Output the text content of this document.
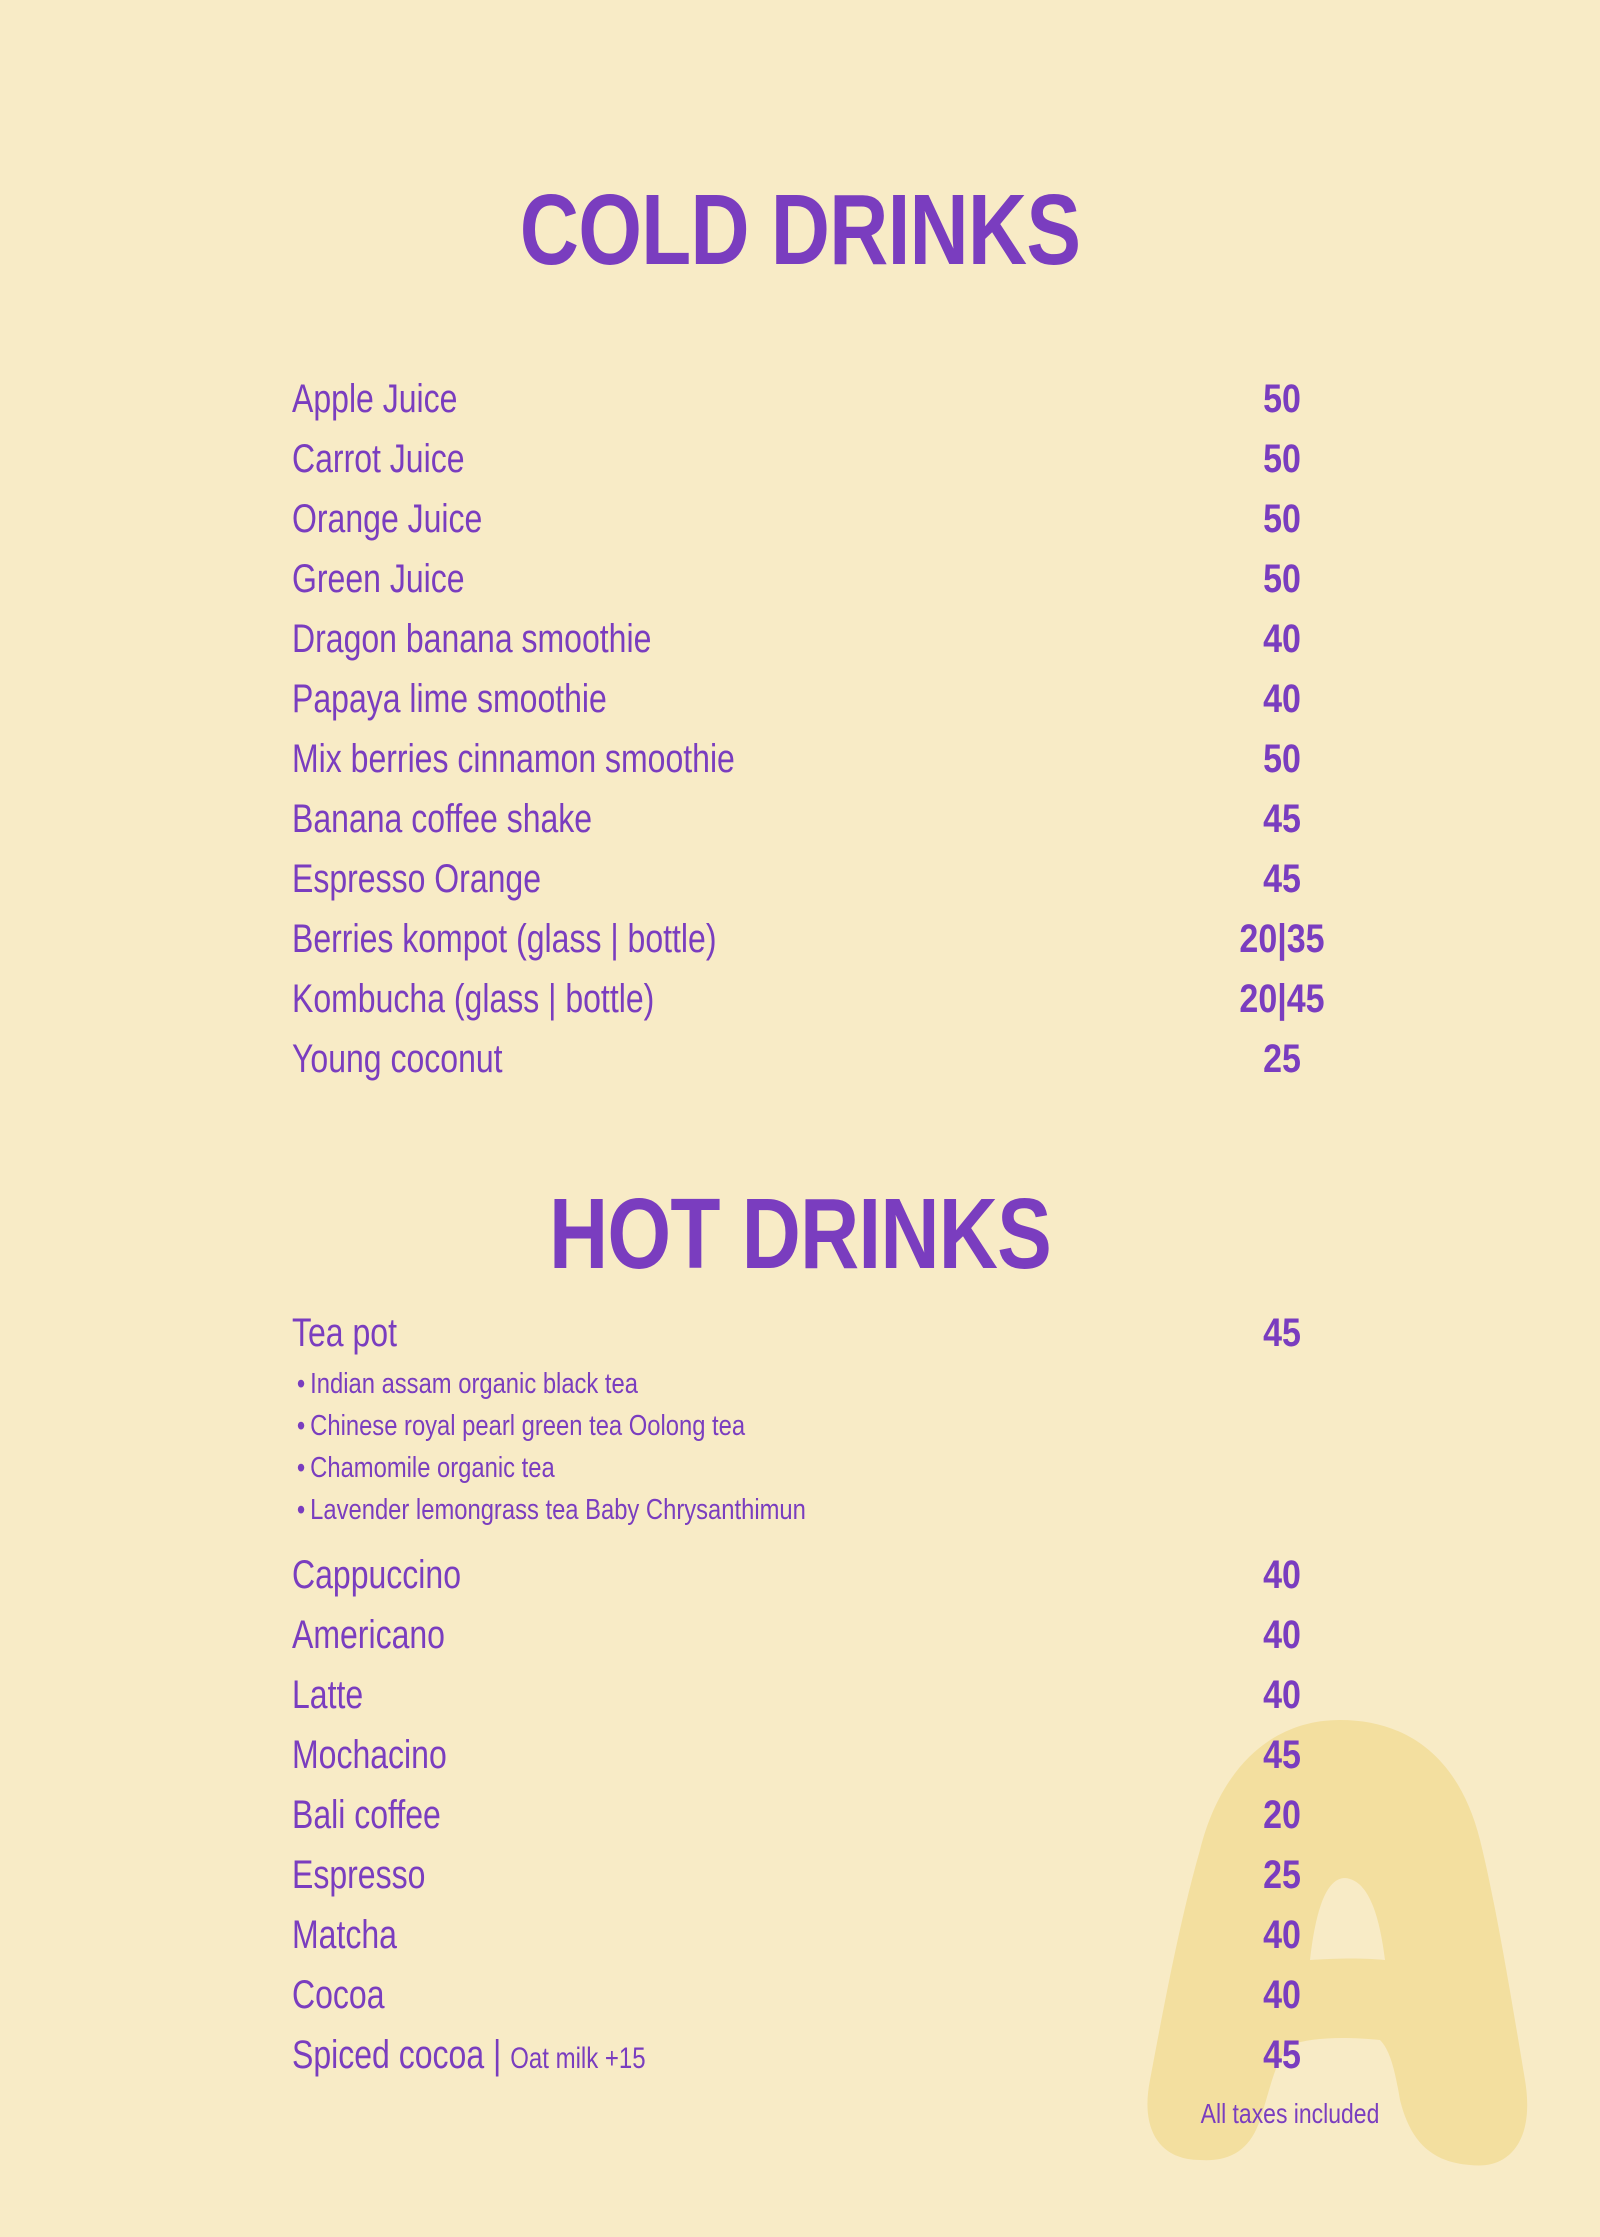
COLD DRINKS
Apple Juice	50
Carrot Juice	50
Orange Juice	50
Green Juice	50
Dragon banana smoothie	40
Papaya lime smoothie	40
Mix berries cinnamon smoothie	50
Banana coffee shake	45
Espresso Orange	45
Berries kompot (glass | bottle)	20|35
Kombucha (glass | bottle)	20|45
Young coconut	25
HOT DRINKS
Tea pot	45
• Indian assam organic black tea
• Chinese royal pearl green tea Oolong tea
• Chamomile organic tea
• Lavender lemongrass tea Baby Chrysanthimun
Cappuccino	40
Americano	40
Latte	40
Mochacino	45
Bali coffee	20
Espresso	25
Matcha	40
Cocoa	40
Spiced cocoa | Oat milk +15	45
All taxes included
